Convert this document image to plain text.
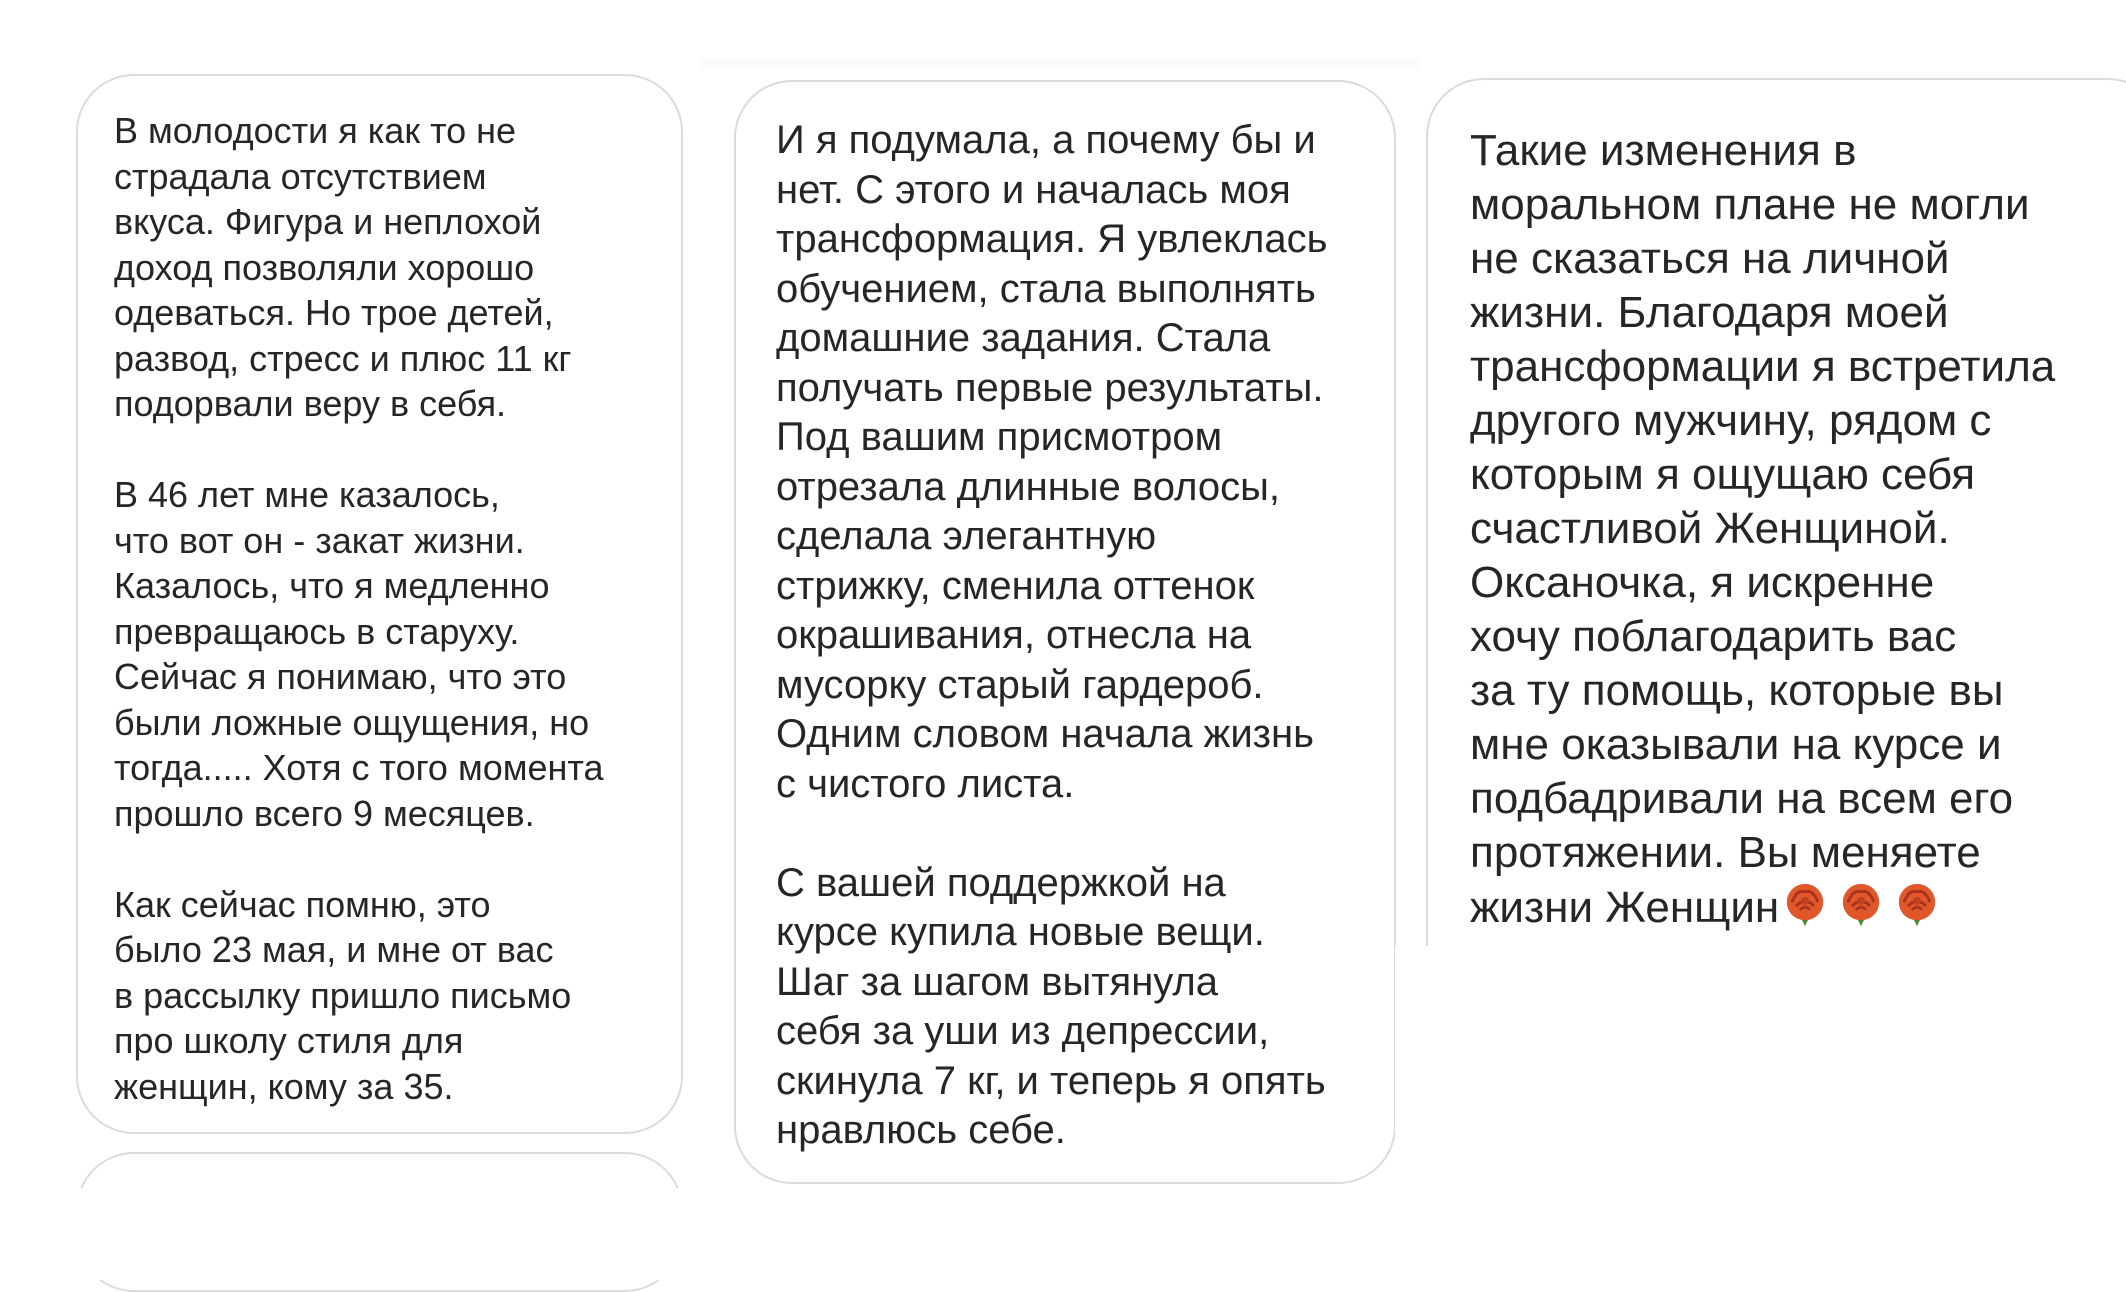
В молодости я как то не
страдала отсутствием
вкуса. Фигура и неплохой
доход позволяли хорошо
одеваться. Но трое детей,
развод, стресс и плюс 11 кг
подорвали веру в себя.

В 46 лет мне казалось,
что вот он - закат жизни.
Казалось, что я медленно
превращаюсь в старуху.
Сейчас я понимаю, что это
были ложные ощущения, но
тогда..... Хотя с того момента
прошло всего 9 месяцев.

Как сейчас помню, это
было 23 мая, и мне от вас
в рассылку пришло письмо
про школу стиля для
женщин, кому за 35.

И я подумала, а почему бы и
нет. С этого и началась моя
трансформация. Я увлеклась
обучением, стала выполнять
домашние задания. Стала
получать первые результаты.
Под вашим присмотром
отрезала длинные волосы,
сделала элегантную
стрижку, сменила оттенок
окрашивания, отнесла на
мусорку старый гардероб.
Одним словом начала жизнь
с чистого листа.

С вашей поддержкой на
курсе купила новые вещи.
Шаг за шагом вытянула
себя за уши из депрессии,
скинула 7 кг, и теперь я опять
нравлюсь себе.

Такие изменения в
моральном плане не могли
не сказаться на личной
жизни. Благодаря моей
трансформации я встретила
другого мужчину, рядом с
которым я ощущаю себя
счастливой Женщиной.
Оксаночка, я искренне
хочу поблагодарить вас
за ту помощь, которые вы
мне оказывали на курсе и
подбадривали на всем его
протяжении. Вы меняете
жизни Женщин
